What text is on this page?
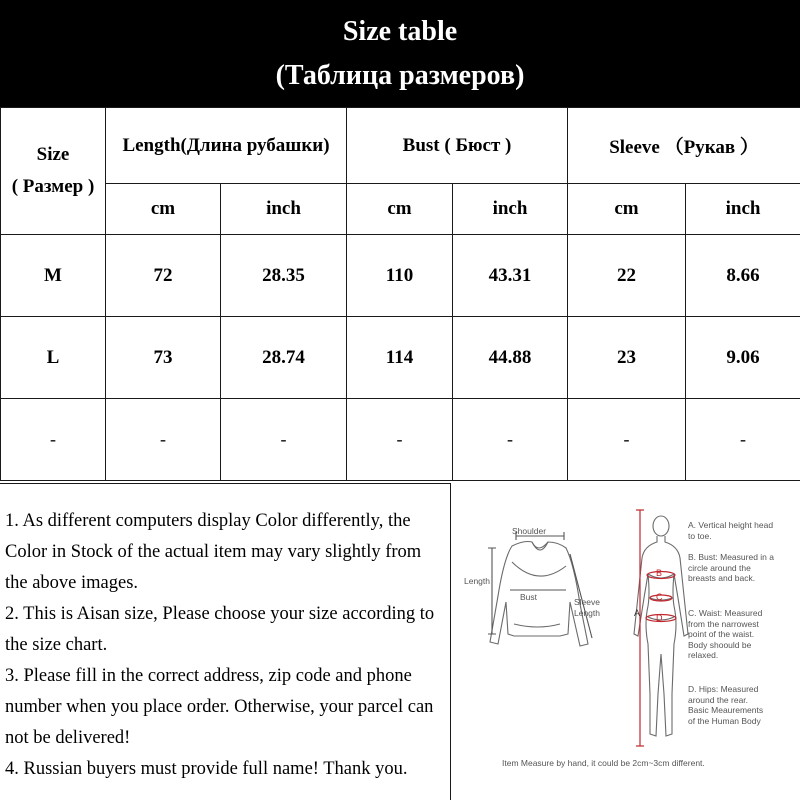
Size table
(Таблица размеров)
Size
( Размер )	Length(Длина рубашки)		Bust ( Бюст )		Sleeve （Рукав ）	
	cm	inch	cm	inch	cm	inch
M	72	28.35	110	43.31	22	8.66
L	73	28.74	114	44.88	23	9.06
-	-	-	-	-	-	-

1. As different computers display Color differently, the Color in Stock of the actual item may vary slightly from the above images.

2. This is Aisan size, Please choose your size according to the size chart.

3. Please fill in the correct address, zip code and phone number when you place order. Otherwise, your parcel can not be delivered!

4. Russian buyers must provide full name! Thank you.

Shoulder
Length
Bust	Sleeve
Length
B
C
D
A
A. Vertical height head
to toe.
B. Bust: Measured in a
circle around the
breasts and back.
C. Waist: Measured
from the narrowest
point of the waist.
Body shoould be
relaxed.
D. Hips: Measured
around the rear.
Basic Meaurements
of the Human Body
Item Measure by hand, it could be 2cm~3cm different.
